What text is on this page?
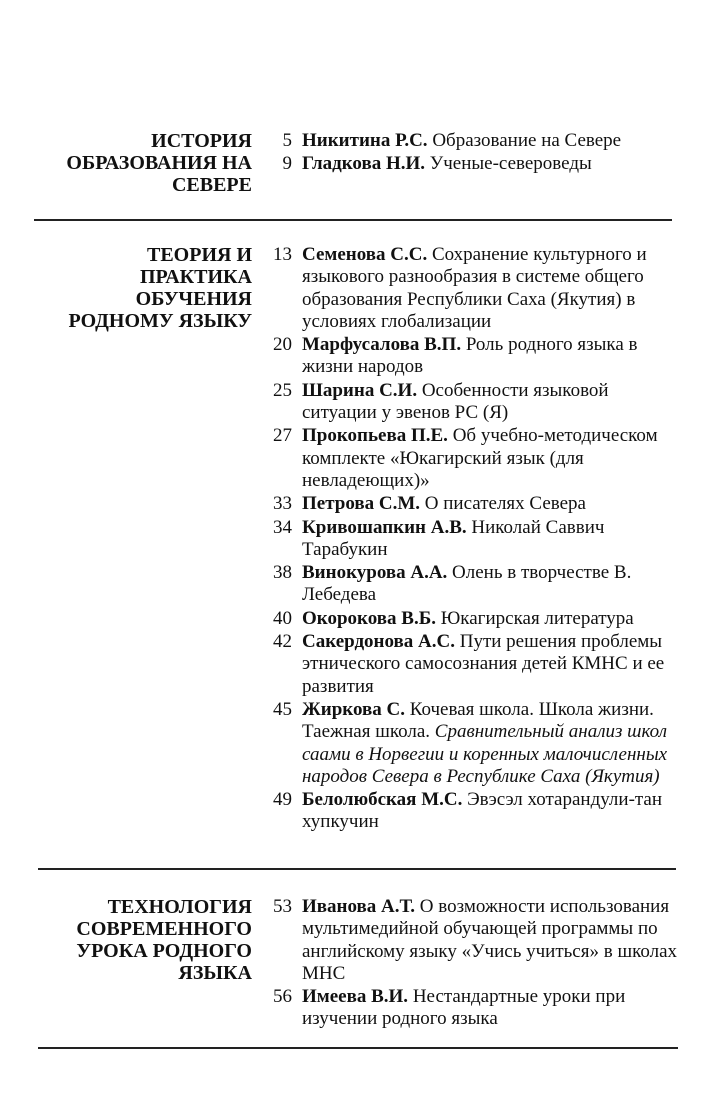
ИСТОРИЯ
ОБРАЗОВАНИЯ НА
СЕВЕРЕ
5 Никитина Р.С. Образование на Севере
9 Гладкова Н.И. Ученые-североведы
ТЕОРИЯ И
ПРАКТИКА
ОБУЧЕНИЯ
РОДНОМУ ЯЗЫКУ
13 Семенова С.С. Сохранение культурного и языкового разнообразия в системе общего образования Республики Саха (Якутия) в условиях глобализации
20 Марфусалова В.П. Роль родного языка в жизни народов
25 Шарина С.И. Особенности языковой ситуации у эвенов РС (Я)
27 Прокопьева П.Е. Об учебно-методическом комплекте «Юкагирский язык (для невладеющих)»
33 Петрова С.М. О писателях Севера
34 Кривошапкин А.В. Николай Саввич Тарабукин
38 Винокурова А.А. Олень в творчестве В. Лебедева
40 Окорокова В.Б. Юкагирская литература
42 Сакердонова А.С. Пути решения проблемы этнического самосознания детей КМНС и ее развития
45 Жиркова С. Кочевая школа. Школа жизни. Таежная школа. Сравнительный анализ школ саами в Норвегии и коренных малочисленных народов Севера в Республике Саха (Якутия)
49 Белолюбская М.С. Эвэсэл хотарандули-тан хупкучин
ТЕХНОЛОГИЯ
СОВРЕМЕННОГО
УРОКА РОДНОГО
ЯЗЫКА
53 Иванова А.Т. О возможности использования мультимедийной обучающей программы по английскому языку «Учись учиться» в школах МНС
56 Имеева В.И. Нестандартные уроки при изучении родного языка
